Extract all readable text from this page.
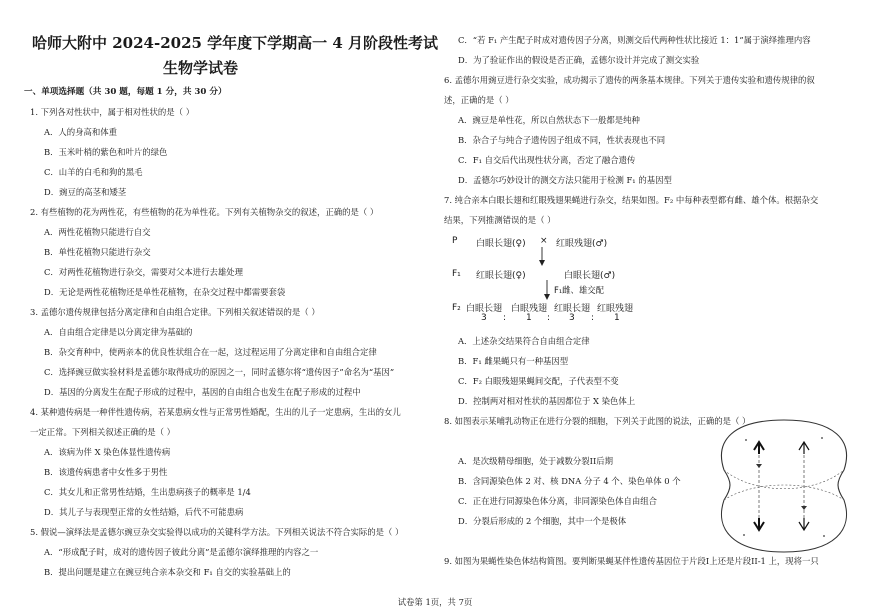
哈师大附中 2024-2025 学年度下学期高一 4 月阶段性考试
生物学试卷
一、单项选择题（共 30 题，每题 1 分，共 30 分）
1. 下列各对性状中，属于相对性状的是（ ）
A．人的身高和体重
B．玉米叶梢的紫色和叶片的绿色
C．山羊的白毛和狗的黑毛
D．豌豆的高茎和矮茎
2. 有些植物的花为两性花，有些植物的花为单性花。下列有关植物杂交的叙述，正确的是（ ）
A．两性花植物只能进行自交
B．单性花植物只能进行杂交
C．对两性花植物进行杂交，需要对父本进行去雄处理
D．无论是两性花植物还是单性花植物，在杂交过程中都需要套袋
3. 孟德尔遗传规律包括分离定律和自由组合定律。下列相关叙述错误的是（ ）
A．自由组合定律是以分离定律为基础的
B．杂交育种中，使两亲本的优良性状组合在一起，这过程运用了分离定律和自由组合定律
C．选择豌豆做实验材料是孟德尔取得成功的原因之一，同时孟德尔将“遗传因子”命名为“基因”
D．基因的分离发生在配子形成的过程中，基因的自由组合也发生在配子形成的过程中
4. 某种遗传病是一种伴性遗传病，若某患病女性与正常男性婚配，生出的儿子一定患病，生出的女儿
一定正常。下列相关叙述正确的是（ ）
A．该病为伴 X 染色体显性遗传病
B．该遗传病患者中女性多于男性
C．其女儿和正常男性结婚，生出患病孩子的概率是 1/4
D．其儿子与表现型正常的女性结婚，后代不可能患病
5. 假说—演绎法是孟德尔豌豆杂交实验得以成功的关键科学方法。下列相关说法不符合实际的是（ ）
A．“形成配子时，成对的遗传因子彼此分离”是孟德尔演绎推理的内容之一
B．提出问题是建立在豌豆纯合亲本杂交和 F₁ 自交的实验基础上的
C．“若 F₁ 产生配子时成对遗传因子分离，则测交后代两种性状比接近 1：1”属于演绎推理内容
D．为了验证作出的假设是否正确，孟德尔设计并完成了测交实验
6. 孟德尔用豌豆进行杂交实验，成功揭示了遗传的两条基本规律。下列关于遗传实验和遗传规律的叙
述，正确的是（ ）
A．豌豆是单性花，所以自然状态下一般都是纯种
B．杂合子与纯合子遗传因子组成不同，性状表现也不同
C．F₁ 自交后代出现性状分离，否定了融合遗传
D．孟德尔巧妙设计的测交方法只能用于检测 F₁ 的基因型
7. 纯合亲本白眼长翅和红眼残翅果蝇进行杂交，结果如图。F₂ 中每种表型都有雌、雄个体。根据杂交
结果，下列推测错误的是（ ）
P 白眼长翅(♀) × 红眼残翅(♂)
F₁ 红眼长翅(♀)	白眼长翅(♂)
F₁雌、雄交配
F₂ 白眼长翅 白眼残翅 红眼长翅 红眼残翅
3 : 1 : 3 : 1
A．上述杂交结果符合自由组合定律
B．F₁ 雌果蝇只有一种基因型
C．F₂ 白眼残翅果蝇间交配，子代表型不变
D．控制两对相对性状的基因都位于 X 染色体上
8. 如图表示某哺乳动物正在进行分裂的细胞，下列关于此图的说法，正确的是（ ）
A．是次级精母细胞，处于减数分裂II后期
B．含同源染色体 2 对、核 DNA 分子 4 个、染色单体 0 个
C．正在进行同源染色体分离，非同源染色体自由组合
D．分裂后形成的 2 个细胞，其中一个是极体
9. 如图为果蝇性染色体结构简图。要判断果蝇某伴性遗传基因位于片段I上还是片段II-1 上，现将一只
试卷第 1页，共 7页
